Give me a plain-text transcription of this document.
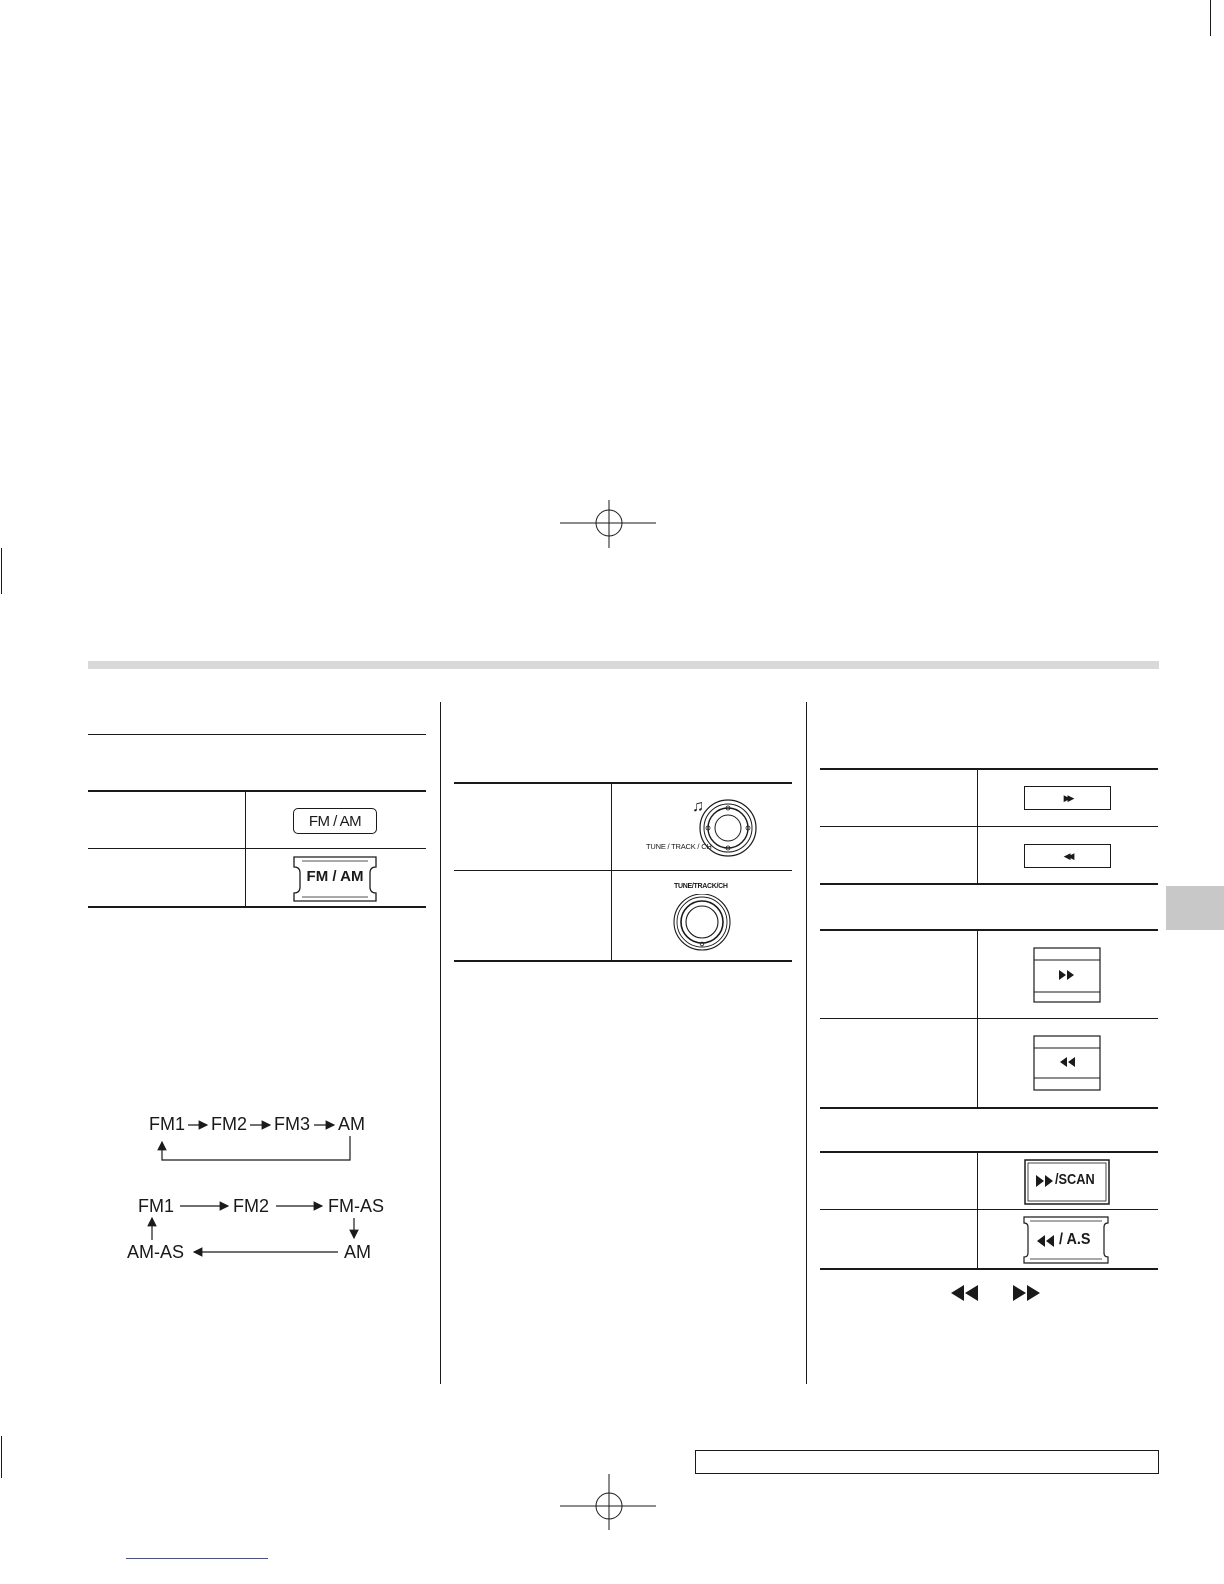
FM / AM
FM / AM
FM1 FM2 FM3 AM
FM1	FM2	FM-AS
AM
AM-AS
♫
TUNE / TRACK / CH
TUNE/TRACK/CH
▶▶
◀◀
/SCAN
/ A.S
